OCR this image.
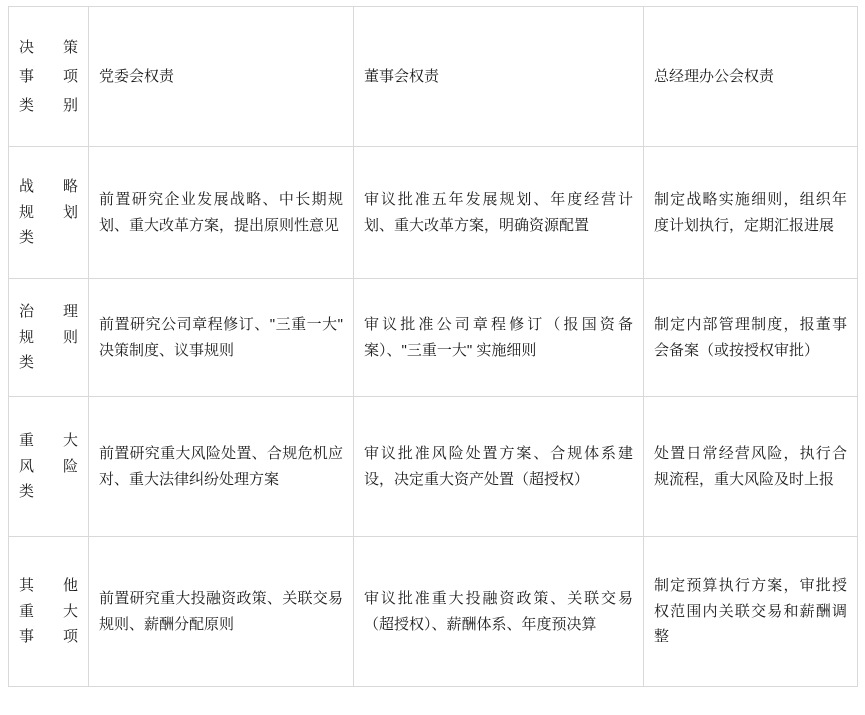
决 策
事 项
类别	党委会权责	董事会权责	总经理办公会权责

战 略
规 划
类	前置研究企业发展战略、中长期规划、重大改革方案，提出原则性意见	审议批准五年发展规划、年度经营计划、重大改革方案，明确资源配置	制定战略实施细则，组织年度计划执行，定期汇报进展

治 理
规 则
类	前置研究公司章程修订、"三重一大" 决策制度、议事规则	审议批准公司章程修订（报国资备案）、"三重一大" 实施细则	制定内部管理制度，报董事会备案（或按授权审批）

重 大
风 险
类	前置研究重大风险处置、合规危机应对、重大法律纠纷处理方案	审议批准风险处置方案、合规体系建设，决定重大资产处置（超授权）	处置日常经营风险，执行合规流程，重大风险及时上报

其 他
重 大
事 项	前置研究重大投融资政策、关联交易规则、薪酬分配原则	审议批准重大投融资政策、关联交易（超授权）、薪酬体系、年度预决算	制定预算执行方案，审批授权范围内关联交易和薪酬调整
